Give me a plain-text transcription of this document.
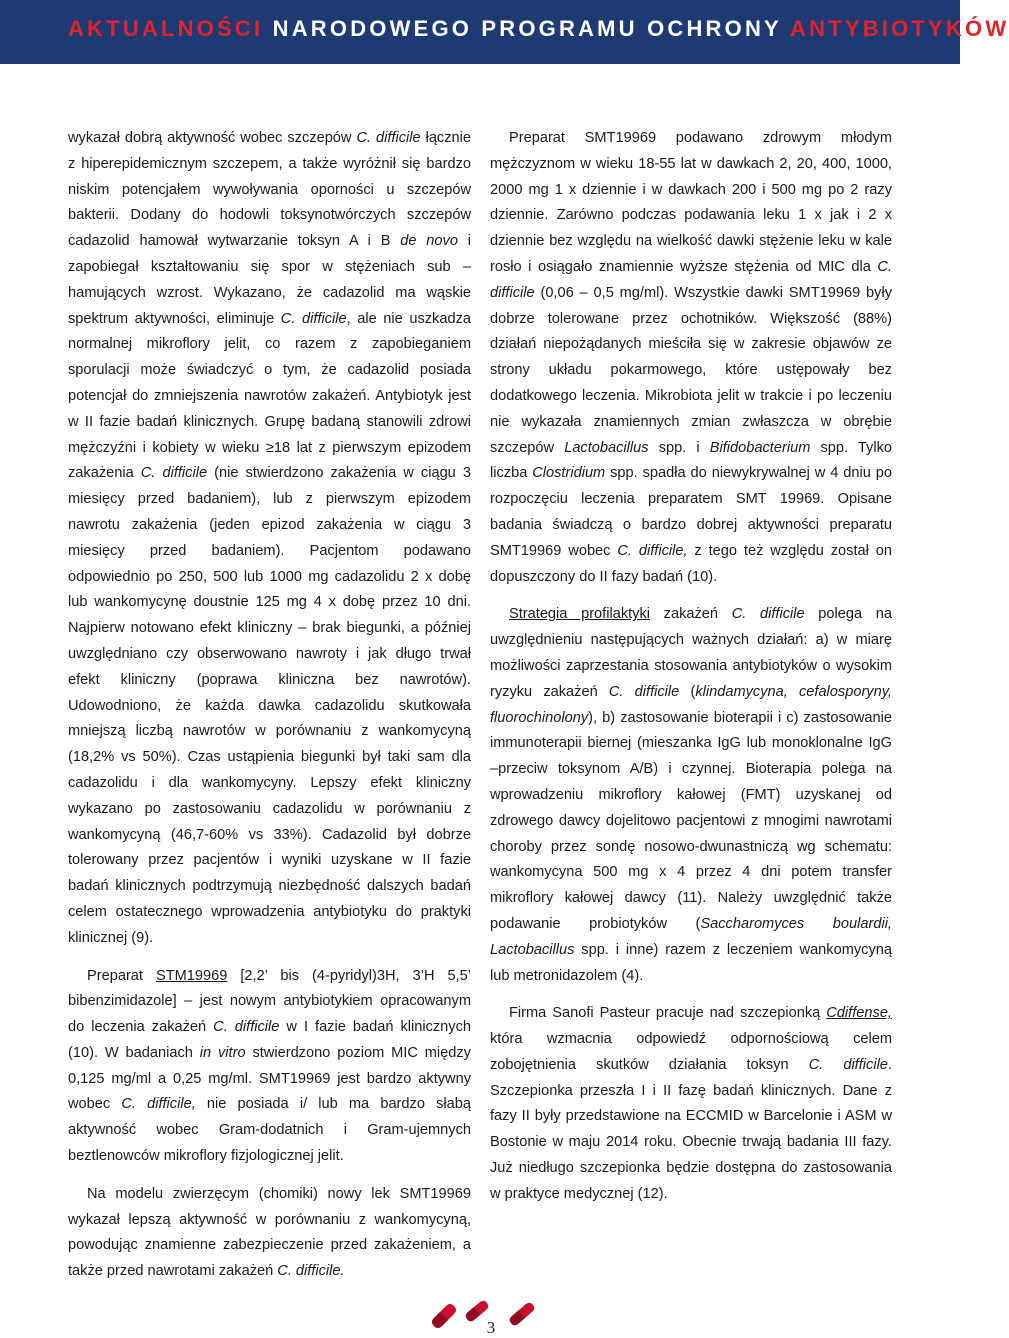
AKTUALNOŚCI NARODOWEGO PROGRAMU OCHRONY ANTYBIOTYKÓW

wykazał dobrą aktywność wobec szczepów C. difficile łącznie z hiperepidemicznym szczepem, a także wyróżnił się bardzo niskim potencjałem wywoływania oporności u szczepów bakterii. Dodany do hodowli toksynotwórczych szczepów cadazolid hamował wytwarzanie toksyn A i B de novo i zapobiegał kształtowaniu się spor w stężeniach sub – hamujących wzrost. Wykazano, że cadazolid ma wąskie spektrum aktywności, eliminuje C. difficile, ale nie uszkadza normalnej mikroflory jelit, co razem z zapobieganiem sporulacji może świadczyć o tym, że cadazolid posiada potencjał do zmniejszenia nawrotów zakażeń. Antybiotyk jest w II fazie badań klinicznych. Grupę badaną stanowili zdrowi mężczyźni i kobiety w wieku ≥18 lat z pierwszym epizodem zakażenia C. difficile (nie stwierdzono zakażenia w ciągu 3 miesięcy przed badaniem), lub z pierwszym epizodem nawrotu zakażenia (jeden epizod zakażenia w ciągu 3 miesięcy przed badaniem). Pacjentom podawano odpowiednio po 250, 500 lub 1000 mg cadazolidu 2 x dobę lub wankomycynę doustnie 125 mg 4 x dobę przez 10 dni. Najpierw notowano efekt kliniczny – brak biegunki, a później uwzględniano czy obserwowano nawroty i jak długo trwał efekt kliniczny (poprawa kliniczna bez nawrotów). Udowodniono, że każda dawka cadazolidu skutkowała mniejszą liczbą nawrotów w porównaniu z wankomycyną (18,2% vs 50%). Czas ustąpienia biegunki był taki sam dla cadazolidu i dla wankomycyny. Lepszy efekt kliniczny wykazano po zastosowaniu cadazolidu w porównaniu z wankomycyną (46,7-60% vs 33%). Cadazolid był dobrze tolerowany przez pacjentów i wyniki uzyskane w II fazie badań klinicznych podtrzymują niezbędność dalszych badań celem ostatecznego wprowadzenia antybiotyku do praktyki klinicznej (9).

Preparat STM19969 [2,2’ bis (4-pyridyl)3H, 3’H 5,5’ bibenzimidazole] – jest nowym antybiotykiem opracowanym do leczenia zakażeń C. difficile w I fazie badań klinicznych (10). W badaniach in vitro stwierdzono poziom MIC między 0,125 mg/ml a 0,25 mg/ml. SMT19969 jest bardzo aktywny wobec C. difficile, nie posiada i/ lub ma bardzo słabą aktywność wobec Gram-dodatnich i Gram-ujemnych beztlenowców mikroflory fizjologicznej jelit.

Na modelu zwierzęcym (chomiki) nowy lek SMT19969 wykazał lepszą aktywność w porównaniu z wankomycyną, powodując znamienne zabezpieczenie przed zakażeniem, a także przed nawrotami zakażeń C. difficile.

Preparat SMT19969 podawano zdrowym młodym mężczyznom w wieku 18-55 lat w dawkach 2, 20, 400, 1000, 2000 mg 1 x dziennie i w dawkach 200 i 500 mg po 2 razy dziennie. Zarówno podczas podawania leku 1 x jak i 2 x dziennie bez względu na wielkość dawki stężenie leku w kale rosło i osiągało znamiennie wyższe stężenia od MIC dla C. difficile (0,06 – 0,5 mg/ml). Wszystkie dawki SMT19969 były dobrze tolerowane przez ochotników. Większość (88%) działań niepożądanych mieściła się w zakresie objawów ze strony układu pokarmowego, które ustępowały bez dodatkowego leczenia. Mikrobiota jelit w trakcie i po leczeniu nie wykazała znamiennych zmian zwłaszcza w obrębie szczepów Lactobacillus spp. i Bifidobacterium spp. Tylko liczba Clostridium spp. spadła do niewykrywalnej w 4 dniu po rozpoczęciu leczenia preparatem SMT 19969. Opisane badania świadczą o bardzo dobrej aktywności preparatu SMT19969 wobec C. difficile, z tego też względu został on dopuszczony do II fazy badań (10).

Strategia profilaktyki zakażeń C. difficile polega na uwzględnieniu następujących ważnych działań: a) w miarę możliwości zaprzestania stosowania antybiotyków o wysokim ryzyku zakażeń C. difficile (klindamycyna, cefalosporyny, fluorochinolony), b) zastosowanie bioterapii i c) zastosowanie immunoterapii biernej (mieszanka IgG lub monoklonalne IgG –przeciw toksynom A/B) i czynnej. Bioterapia polega na wprowadzeniu mikroflory kałowej (FMT) uzyskanej od zdrowego dawcy dojelitowo pacjentowi z mnogimi nawrotami choroby przez sondę nosowo-dwunastniczą wg schematu: wankomycyna 500 mg x 4 przez 4 dni potem transfer mikroflory kałowej dawcy (11). Należy uwzględnić także podawanie probiotyków (Saccharomyces boulardii, Lactobacillus spp. i inne) razem z leczeniem wankomycyną lub metronidazolem (4).

Firma Sanofi Pasteur pracuje nad szczepionką Cdiffense, która wzmacnia odpowiedź odpornościową celem zobojętnienia skutków działania toksyn C. difficile. Szczepionka przeszła I i II fazę badań klinicznych. Dane z fazy II były przedstawione na ECCMID w Barcelonie i ASM w Bostonie w maju 2014 roku. Obecnie trwają badania III fazy. Już niedługo szczepionka będzie dostępna do zastosowania w praktyce medycznej (12).

3
